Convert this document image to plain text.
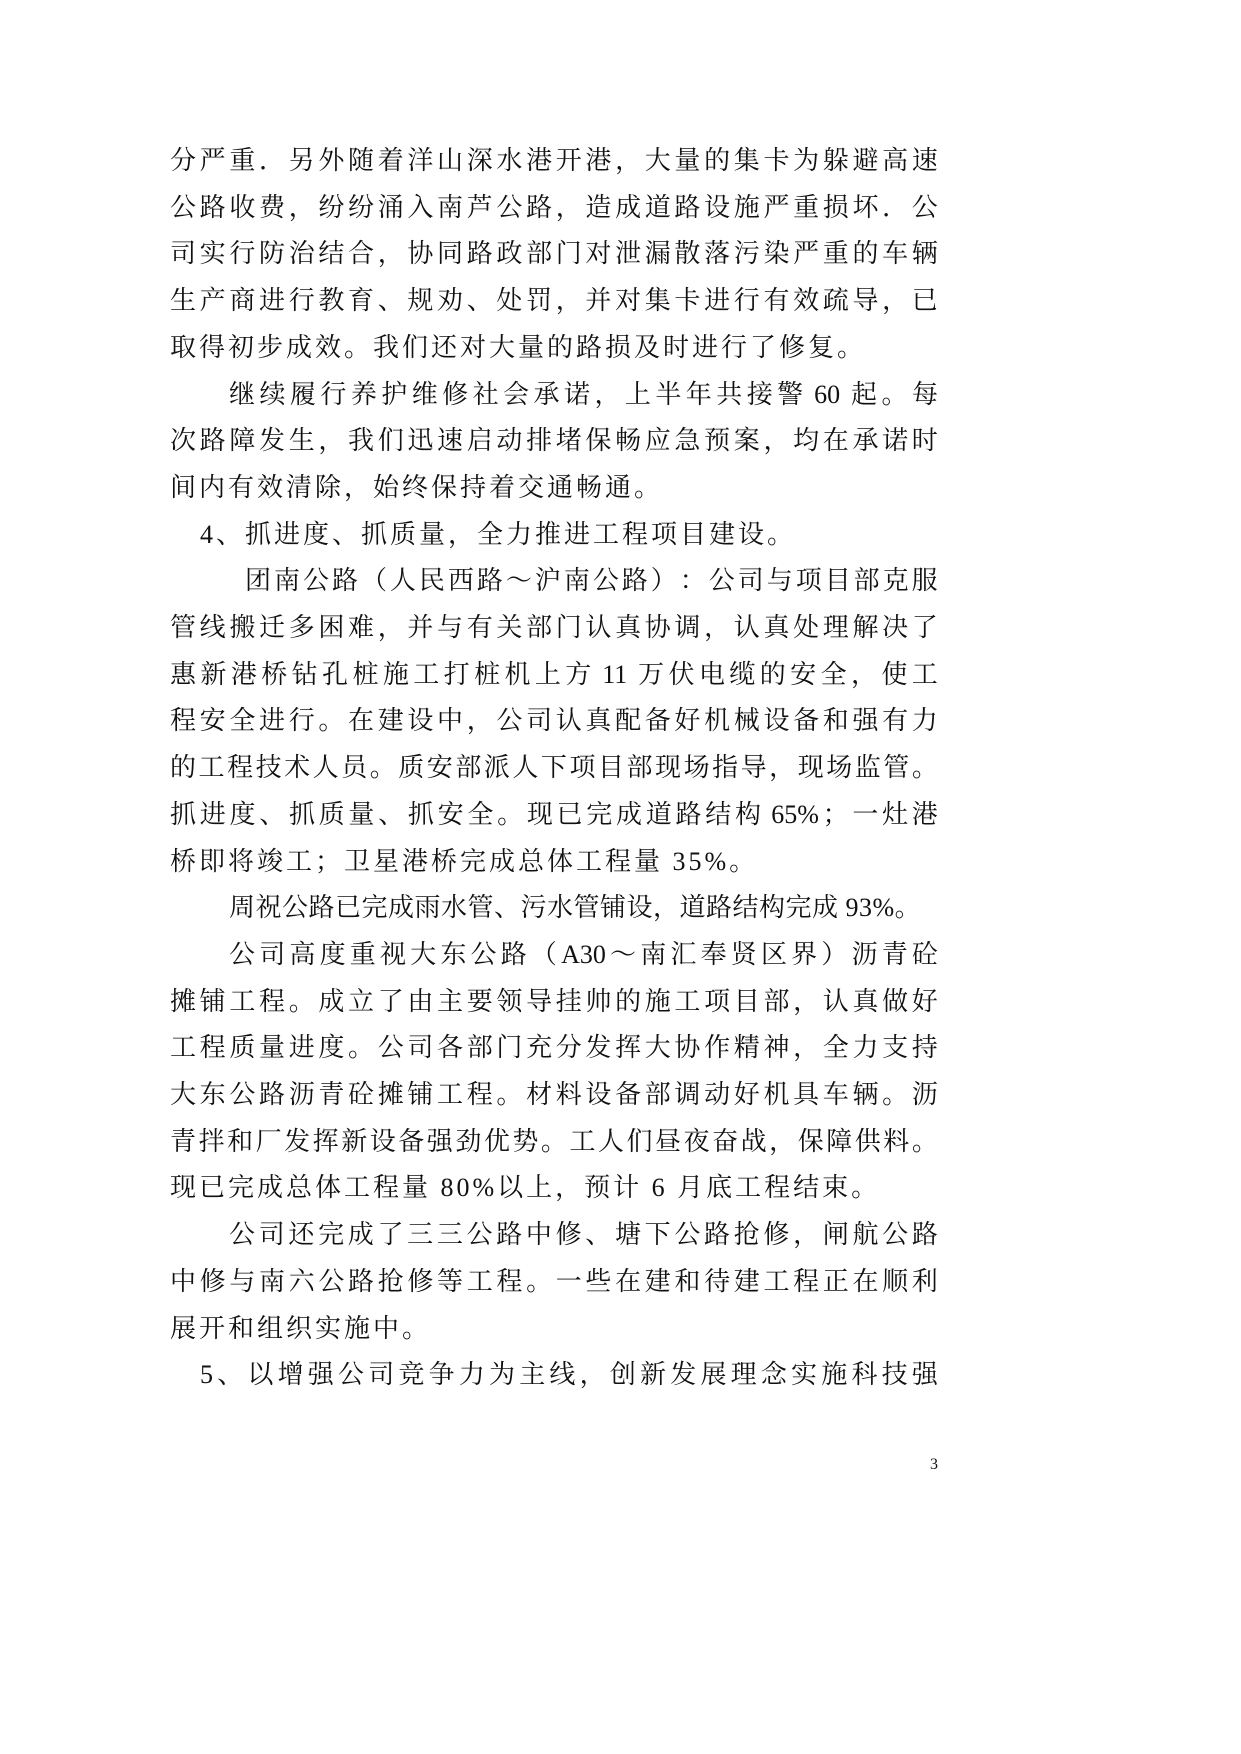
分 严 重 ． 另 外 随 着 洋 山 深 水 港 开 港 ， 大 量 的 集 卡 为 躲 避 高 速
公 路 收 费 ， 纷 纷 涌 入 南 芦 公 路 ， 造 成 道 路 设 施 严 重 损 坏 ． 公
司 实 行 防 治 结 合 ， 协 同 路 政 部 门 对 泄 漏 散 落 污 染 严 重 的 车 辆
生 产 商 进 行 教 育 、 规 劝 、 处 罚 ， 并 对 集 卡 进 行 有 效 疏 导 ， 已
取得初步成效。我们还对大量的路损及时进行了修复。
继 续 履 行 养 护 维 修 社 会 承 诺 ， 上 半 年 共 接 警 60 起 。 每
次 路 障 发 生 ， 我 们 迅 速 启 动 排 堵 保 畅 应 急 预 案 ， 均 在 承 诺 时
间内有效清除，始终保持着交通畅通。
4、抓进度、抓质量，全力推进工程项目建设。
团 南 公 路 （ 人 民 西 路 ～ 沪 南 公 路 ） ： 公 司 与 项 目 部 克 服
管 线 搬 迁 多 困 难 ， 并 与 有 关 部 门 认 真 协 调 ， 认 真 处 理 解 决 了
惠 新 港 桥 钻 孔 桩 施 工 打 桩 机 上 方 11 万 伏 电 缆 的 安 全 ， 使 工
程 安 全 进 行 。 在 建 设 中 ， 公 司 认 真 配 备 好 机 械 设 备 和 强 有 力
的 工 程 技 术 人 员 。 质 安 部 派 人 下 项 目 部 现 场 指 导 ， 现 场 监 管 。
抓 进 度 、 抓 质 量 、 抓 安 全 。 现 已 完 成 道 路 结 构 65% ； 一 灶 港
桥即将竣工；卫星港桥完成总体工程量 35%。
周祝公路已完成雨水管、污水管铺设，道路结构完成 93%。
公 司 高 度 重 视 大 东 公 路 （ A30 ～ 南 汇 奉 贤 区 界 ） 沥 青 砼
摊 铺 工 程 。 成 立 了 由 主 要 领 导 挂 帅 的 施 工 项 目 部 ， 认 真 做 好
工 程 质 量 进 度 。 公 司 各 部 门 充 分 发 挥 大 协 作 精 神 ， 全 力 支 持
大 东 公 路 沥 青 砼 摊 铺 工 程 。 材 料 设 备 部 调 动 好 机 具 车 辆 。 沥
青 拌 和 厂 发 挥 新 设 备 强 劲 优 势 。 工 人 们 昼 夜 奋 战 ， 保 障 供 料 。
现已完成总体工程量 80%以上，预计 6 月底工程结束。
公 司 还 完 成 了 三 三 公 路 中 修 、 塘 下 公 路 抢 修 ， 闸 航 公 路
中 修 与 南 六 公 路 抢 修 等 工 程 。 一 些 在 建 和 待 建 工 程 正 在 顺 利
展开和组织实施中。
5 、 以 增 强 公 司 竞 争 力 为 主 线 ， 创 新 发 展 理 念 实 施 科 技 强
3
